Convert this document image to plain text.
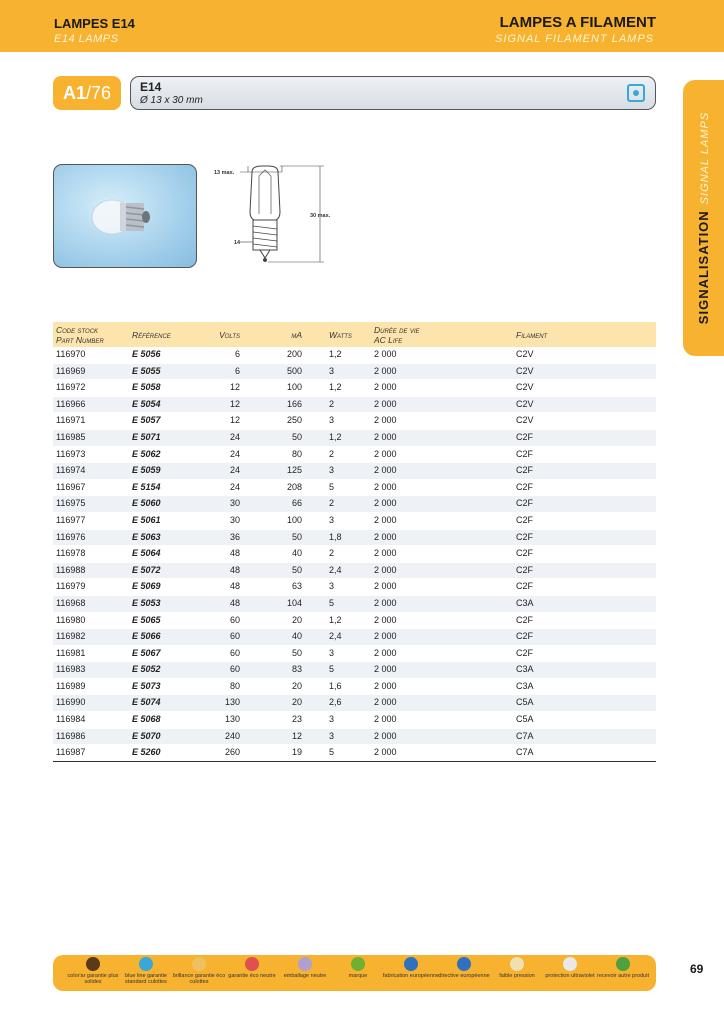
LAMPES E14
E14 LAMPS
LAMPES A FILAMENT
SIGNAL FILAMENT LAMPS
A1/76	E14
Ø 13 x 30 mm
SIGNALISATIONSIGNAL LAMPS
13 max.
30 max.
14
Code stock
Part Number	Référence	Volts	mA	Watts	Durée de vie
AC Life	Filament
116970	E 5056	6	200	1,2	2 000	C2V
116969	E 5055	6	500	3	2 000	C2V
116972	E 5058	12	100	1,2	2 000	C2V
116966	E 5054	12	166	2	2 000	C2V
116971	E 5057	12	250	3	2 000	C2V
116985	E 5071	24	50	1,2	2 000	C2F
116973	E 5062	24	80	2	2 000	C2F
116974	E 5059	24	125	3	2 000	C2F
116967	E 5154	24	208	5	2 000	C2F
116975	E 5060	30	66	2	2 000	C2F
116977	E 5061	30	100	3	2 000	C2F
116976	E 5063	36	50	1,8	2 000	C2F
116978	E 5064	48	40	2	2 000	C2F
116988	E 5072	48	50	2,4	2 000	C2F
116979	E 5069	48	63	3	2 000	C2F
116968	E 5053	48	104	5	2 000	C3A
116980	E 5065	60	20	1,2	2 000	C2F
116982	E 5066	60	40	2,4	2 000	C2F
116981	E 5067	60	50	3	2 000	C2F
116983	E 5052	60	83	5	2 000	C3A
116989	E 5073	80	20	1,6	2 000	C3A
116990	E 5074	130	20	2,6	2 000	C5A
116984	E 5068	130	23	3	2 000	C5A
116986	E 5070	240	12	3	2 000	C7A
116987	E 5260	260	19	5	2 000	C7A
color'ar garantie plus solides
blue line garantie standard culottes
brillance garantie éco culottes
garantie éco neutre	emballage neutre	marque	fabrication européenne directive européenne	faible pression	protection ultraviolet recevoir autre produit	69
